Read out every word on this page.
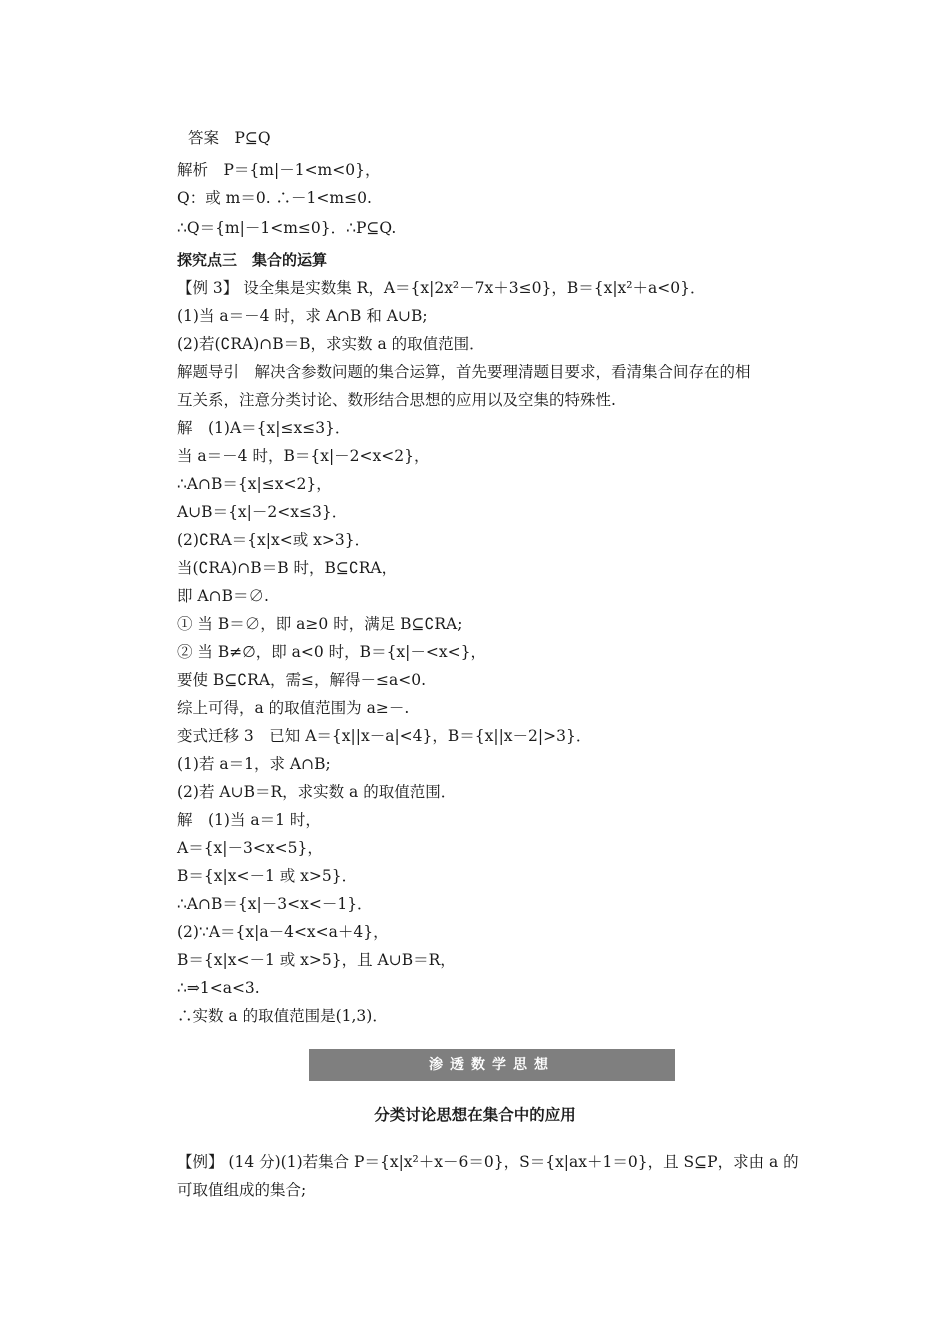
答案　P⊆Q
解析　P＝{m|－1<m<0}，
Q：或 m＝0. ∴－1<m≤0.
∴Q＝{m|－1<m≤0}．∴P⊆Q.
探究点三　集合的运算
【例 3】 设全集是实数集 R，A＝{x|2x²－7x＋3≤0}，B＝{x|x²＋a<0}．
(1)当 a＝－4 时，求 A∩B 和 A∪B;
(2)若(∁RA)∩B＝B，求实数 a 的取值范围．
解题导引　解决含参数问题的集合运算，首先要理清题目要求，看清集合间存在的相
互关系，注意分类讨论、数形结合思想的应用以及空集的特殊性.
解　(1)A＝{x|≤x≤3}．
当 a＝－4 时，B＝{x|－2<x<2}，
∴A∩B＝{x|≤x<2}，
A∪B＝{x|－2<x≤3}．
(2)∁RA＝{x|x<或 x>3}．
当(∁RA)∩B＝B 时，B⊆∁RA，
即 A∩B＝∅.
① 当 B＝∅，即 a≥0 时，满足 B⊆∁RA;
② 当 B≠∅，即 a<0 时，B＝{x|－<x<}，
要使 B⊆∁RA，需≤，解得－≤a<0.
综上可得，a 的取值范围为 a≥－.
变式迁移 3　已知 A＝{x||x－a|<4}，B＝{x||x－2|>3}．
(1)若 a＝1，求 A∩B;
(2)若 A∪B＝R，求实数 a 的取值范围．
解　(1)当 a＝1 时，
A＝{x|－3<x<5}，
B＝{x|x<－1 或 x>5}．
∴A∩B＝{x|－3<x<－1}．
(2)∵A＝{x|a－4<x<a＋4}，
B＝{x|x<－1 或 x>5}，且 A∪B＝R，
∴⇒1<a<3.
∴实数 a 的取值范围是(1,3)．
渗透数学思想
分类讨论思想在集合中的应用
【例】 (14 分)(1)若集合 P＝{x|x²＋x－6＝0}，S＝{x|ax＋1＝0}，且 S⊆P，求由 a 的
可取值组成的集合;
